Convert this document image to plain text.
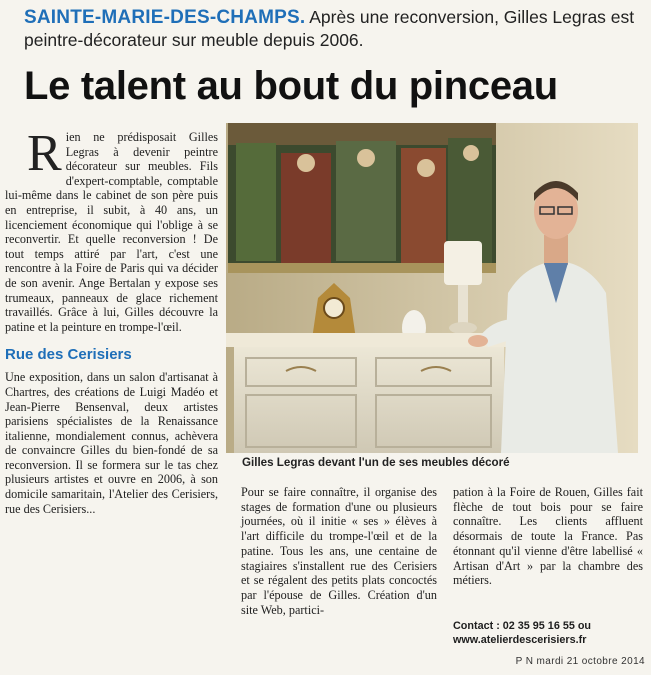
SAINTE-MARIE-DES-CHAMPS. Après une reconversion, Gilles Legras est peintre-décorateur sur meuble depuis 2006.
Le talent au bout du pinceau
R ien ne prédisposait Gilles Legras à devenir peintre décorateur sur meubles. Fils d'expert-comptable, comptable lui-même dans le cabinet de son père puis en entreprise, il subit, à 40 ans, un licenciement économique qui l'oblige à se reconvertir. Et quelle reconversion ! De tout temps attiré par l'art, c'est une rencontre à la Foire de Paris qui va décider de son avenir. Ange Bertalan y expose ses trumeaux, panneaux de glace richement travaillés. Grâce à lui, Gilles découvre la patine et la peinture en trompe-l'œil.

Rue des Cerisiers

Une exposition, dans un salon d'artisanat à Chartres, des créations de Luigi Madéo et Jean-Pierre Bensenval, deux artistes parisiens spécialistes de la Renaissance italienne, mondialement connus, achèvera de convaincre Gilles du bien-fondé de sa reconversion. Il se formera sur le tas chez plusieurs artistes et ouvre en 2006, à son domicile samaritain, l'Atelier des Cerisiers, rue des Cerisiers...

Gilles Legras devant l'un de ses meubles décoré

Pour se faire connaître, il organise des stages de formation d'une ou plusieurs journées, où il initie « ses » élèves à l'art difficile du trompe-l'œil et de la patine. Tous les ans, une centaine de stagiaires s'installent rue des Cerisiers et se régalent des petits plats concoctés par l'épouse de Gilles. Création d'un site Web, partici-

pation à la Foire de Rouen, Gilles fait flèche de tout bois pour se faire connaître. Les clients affluent désormais de toute la France. Pas étonnant qu'il vienne d'être labellisé « Artisan d'Art » par la chambre des métiers.

Contact : 02 35 95 16 55 ou
www.atelierdescerisiers.fr
P N mardi 21 octobre 2014
